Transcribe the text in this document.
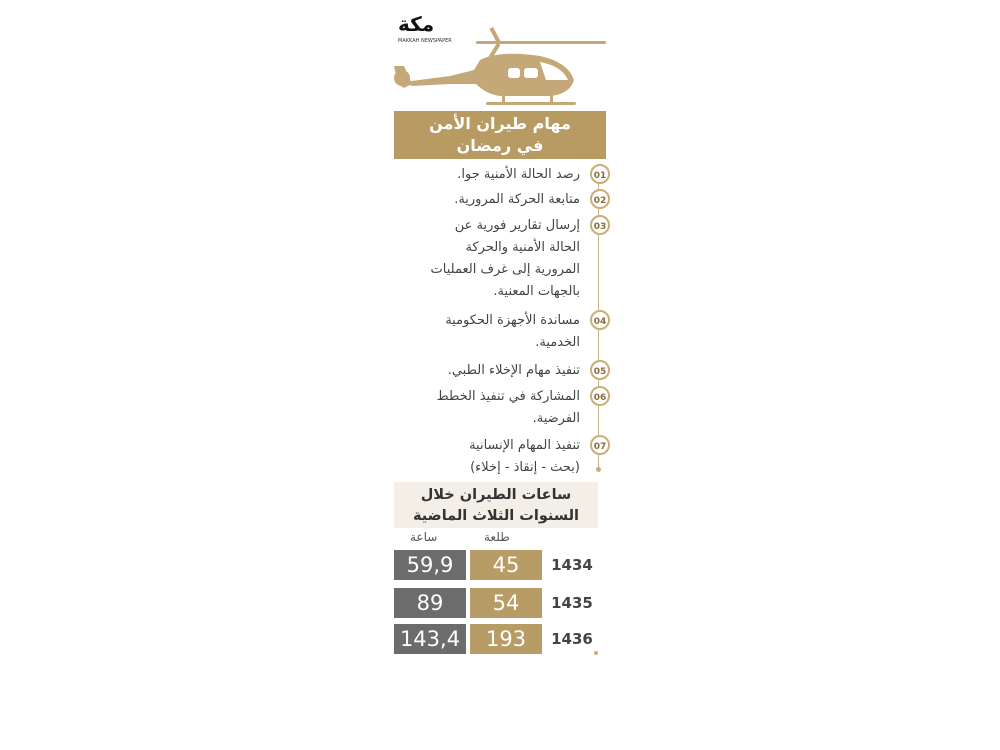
مكة
MAKKAH NEWSPAPER
مهام طيران الأمن
في رمضان
01
رصد الحالة الأمنية جوا.
02
متابعة الحركة المرورية.
03
إرسال تقارير فورية عن
الحالة الأمنية والحركة
المرورية إلى غرف العمليات
بالجهات المعنية.
04
مساندة الأجهزة الحكومية
الخدمية.
05
تنفيذ مهام الإخلاء الطبي.
06
المشاركة في تنفيذ الخطط
الفرضية.
07
تنفيذ المهام الإنسانية
(بحث - إنقاذ - إخلاء)
ساعات الطيران خلال
السنوات الثلاث الماضية
ساعة	طلعة
59,9	45	1434
89	54	1435
143,4	193	1436
